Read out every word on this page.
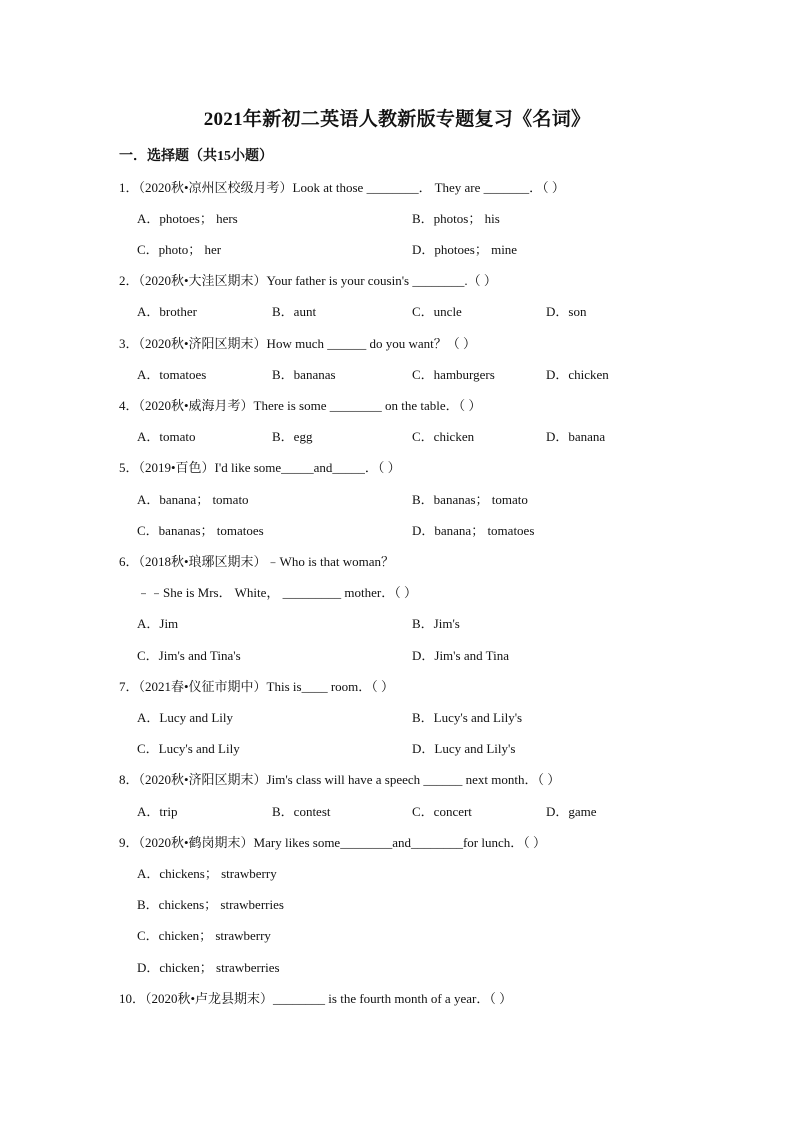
2021年新初二英语人教新版专题复习《名词》
一．选择题（共15小题）
1．（2020秋•凉州区校级月考）Look at those ________． They are _______．（ ）
A．photoes； hers	B．photos； his
C．photo； her	D．photoes； mine
2．（2020秋•大洼区期末）Your father is your cousin's ________.（ ）
A．brother	B．aunt	C．uncle	D．son
3．（2020秋•济阳区期末）How much ______ do you want？（ ）
A．tomatoes	B．bananas	C．hamburgers	D．chicken
4．（2020秋•威海月考）There is some ________ on the table．（ ）
A．tomato	B．egg	C．chicken	D．banana
5．（2019•百色）I'd like some_____and_____．（ ）
A．banana； tomato	B．bananas； tomato
C．bananas； tomatoes	D．banana； tomatoes
6．（2018秋•琅琊区期末）﹣Who is that woman？
﹣﹣She is Mrs． White， _________ mother．（ ）
A．Jim	B．Jim's
C．Jim's and Tina's	D．Jim's and Tina
7．（2021春•仪征市期中）This is____ room．（ ）
A．Lucy and Lily	B．Lucy's and Lily's
C．Lucy's and Lily	D．Lucy and Lily's
8．（2020秋•济阳区期末）Jim's class will have a speech ______ next month．（ ）
A．trip	B．contest	C．concert	D．game
9．（2020秋•鹤岗期末）Mary likes some________and________for lunch．（ ）
A．chickens； strawberry
B．chickens； strawberries
C．chicken； strawberry
D．chicken； strawberries
10．（2020秋•卢龙县期末）________ is the fourth month of a year．（ ）
